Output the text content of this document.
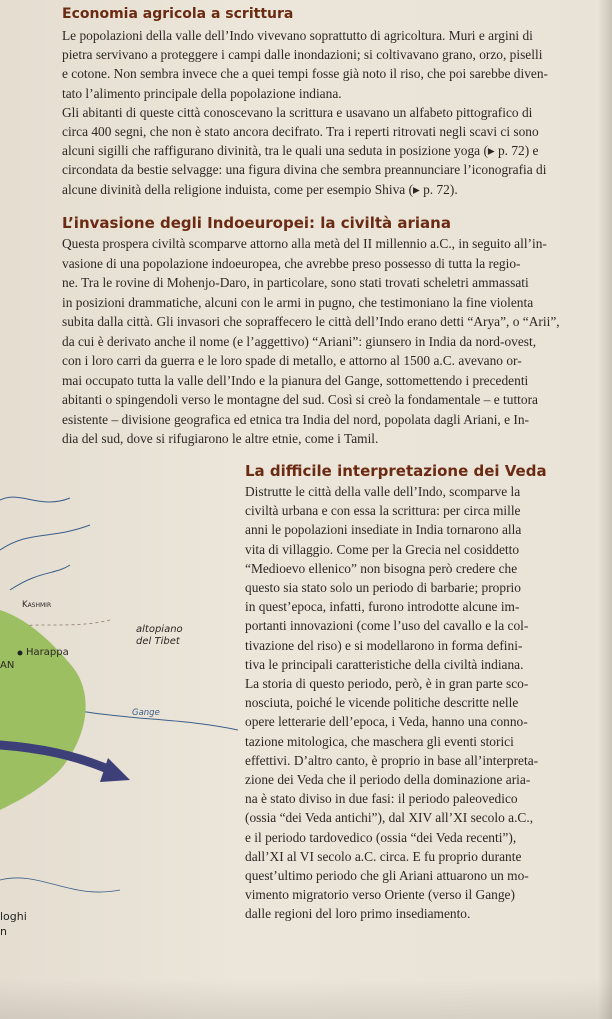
Economia agricola a scrittura
Le popolazioni della valle dell’Indo vivevano soprattutto di agricoltura. Muri e argini di
pietra servivano a proteggere i campi dalle inondazioni; si coltivavano grano, orzo, piselli
e cotone. Non sembra invece che a quei tempi fosse già noto il riso, che poi sarebbe diven-
tato l’alimento principale della popolazione indiana.
Gli abitanti di queste città conoscevano la scrittura e usavano un alfabeto pittografico di
circa 400 segni, che non è stato ancora decifrato. Tra i reperti ritrovati negli scavi ci sono
alcuni sigilli che raffigurano divinità, tra le quali una seduta in posizione yoga (▸ p. 72) e
circondata da bestie selvagge: una figura divina che sembra preannunciare l’iconografia di
alcune divinità della religione induista, come per esempio Shiva (▸ p. 72).
L’invasione degli Indoeuropei: la civiltà ariana
Questa prospera civiltà scomparve attorno alla metà del II millennio a.C., in seguito all’in-
vasione di una popolazione indoeuropea, che avrebbe preso possesso di tutta la regio-
ne. Tra le rovine di Mohenjo-Daro, in particolare, sono stati trovati scheletri ammassati
in posizioni drammatiche, alcuni con le armi in pugno, che testimoniano la fine violenta
subita dalla città. Gli invasori che sopraffecero le città dell’Indo erano detti “Arya”, o “Arii”,
da cui è derivato anche il nome (e l’aggettivo) “Ariani”: giunsero in India da nord-ovest,
con i loro carri da guerra e le loro spade di metallo, e attorno al 1500 a.C. avevano or-
mai occupato tutta la valle dell’Indo e la pianura del Gange, sottomettendo i precedenti
abitanti o spingendoli verso le montagne del sud. Così si creò la fondamentale – e tuttora
esistente – divisione geografica ed etnica tra India del nord, popolata dagli Ariani, e In-
dia del sud, dove si rifugiarono le altre etnie, come i Tamil.
Kashmir
altopiano
del Tibet
Harappa
AN
Gange
loghi
n
La difficile interpretazione dei Veda
Distrutte le città della valle dell’Indo, scomparve la
civiltà urbana e con essa la scrittura: per circa mille
anni le popolazioni insediate in India tornarono alla
vita di villaggio. Come per la Grecia nel cosiddetto
“Medioevo ellenico” non bisogna però credere che
questo sia stato solo un periodo di barbarie; proprio
in quest’epoca, infatti, furono introdotte alcune im-
portanti innovazioni (come l’uso del cavallo e la col-
tivazione del riso) e si modellarono in forma defini-
tiva le principali caratteristiche della civiltà indiana.
La storia di questo periodo, però, è in gran parte sco-
nosciuta, poiché le vicende politiche descritte nelle
opere letterarie dell’epoca, i Veda, hanno una conno-
tazione mitologica, che maschera gli eventi storici
effettivi. D’altro canto, è proprio in base all’interpreta-
zione dei Veda che il periodo della dominazione aria-
na è stato diviso in due fasi: il periodo paleovedico
(ossia “dei Veda antichi”), dal XIV all’XI secolo a.C.,
e il periodo tardovedico (ossia “dei Veda recenti”),
dall’XI al VI secolo a.C. circa. E fu proprio durante
quest’ultimo periodo che gli Ariani attuarono un mo-
vimento migratorio verso Oriente (verso il Gange)
dalle regioni del loro primo insediamento.
